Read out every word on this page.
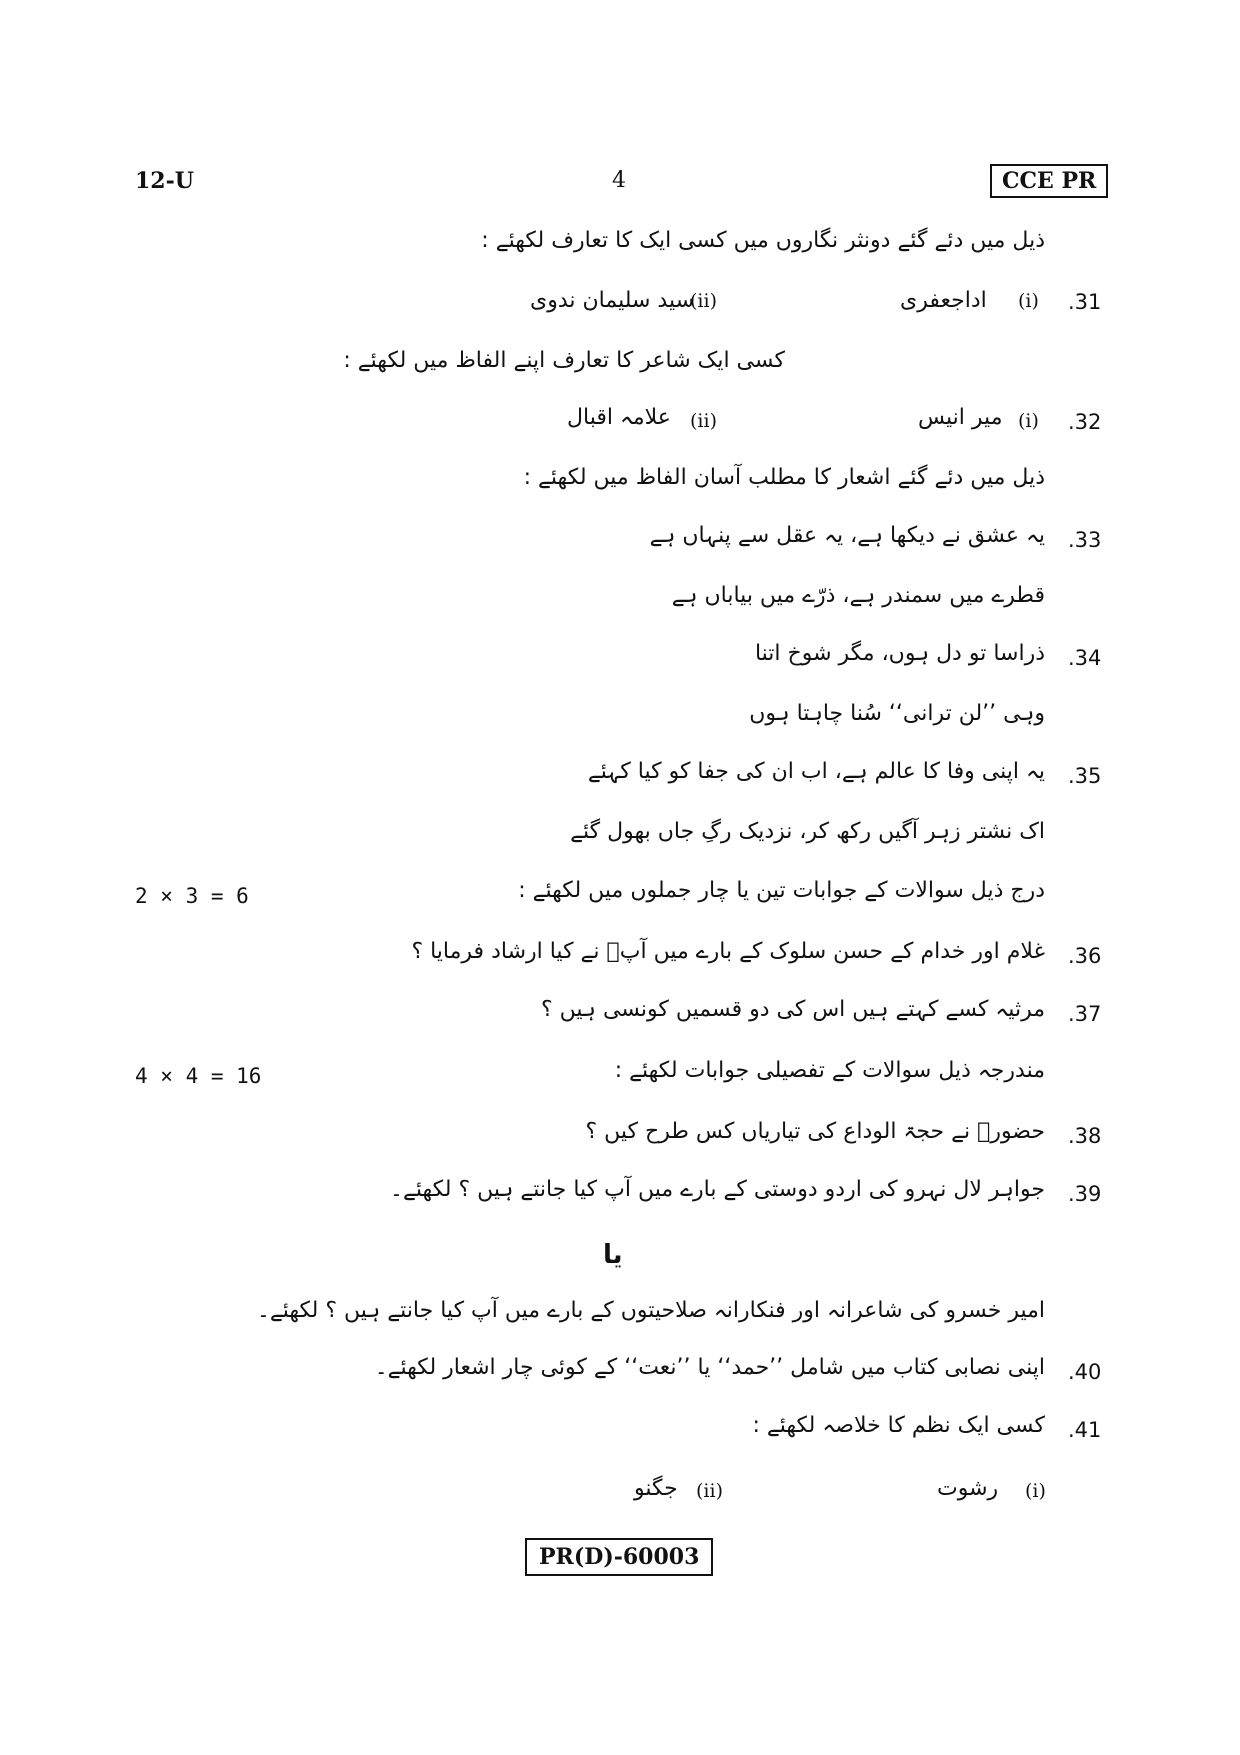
12-U	4	CCE PR
ذیل میں دئے گئے دونثر نگاروں میں کسی ایک کا تعارف لکھئے :
.31
(i)
اداجعفری
(ii)
سید سلیمان ندوی
کسی ایک شاعر کا تعارف اپنے الفاظ میں لکھئے :
.32
(i)
میر انیس
(ii)
علامہ اقبال
ذیل میں دئے گئے اشعار کا مطلب آسان الفاظ میں لکھئے :
.33
یہ عشق نے دیکھا ہے، یہ عقل سے پنہاں ہے
قطرے میں سمندر ہے، ذرّے میں بیاباں ہے
.34
ذراسا تو دل ہوں، مگر شوخ اتنا
وہی ’’لن ترانی‘‘ سُنا چاہتا ہوں
.35
یہ اپنی وفا کا عالم ہے، اب ان کی جفا کو کیا کہئے
اک نشتر زہر آگیں رکھ کر، نزدیک رگِ جاں بھول گئے
2 × 3 = 6	درج ذیل سوالات کے جوابات تین یا چار جملوں میں لکھئے :
.36
غلام اور خدام کے حسن سلوک کے بارے میں آپؐ نے کیا ارشاد فرمایا ؟
.37
مرثیہ کسے کہتے ہیں اس کی دو قسمیں کونسی ہیں ؟
4 × 4 = 16	مندرجہ ذیل سوالات کے تفصیلی جوابات لکھئے :
.38
حضورؐ نے حجۃ الوداع کی تیاریاں کس طرح کیں ؟
.39
جواہر لال نہرو کی اردو دوستی کے بارے میں آپ کیا جانتے ہیں ؟ لکھئے۔
یا
امیر خسرو کی شاعرانہ اور فنکارانہ صلاحیتوں کے بارے میں آپ کیا جانتے ہیں ؟ لکھئے۔
.40
اپنی نصابی کتاب میں شامل ’’حمد‘‘ یا ’’نعت‘‘ کے کوئی چار اشعار لکھئے۔
.41
کسی ایک نظم کا خلاصہ لکھئے :
(i)
رشوت
(ii)
جگنو
PR(D)-60003
